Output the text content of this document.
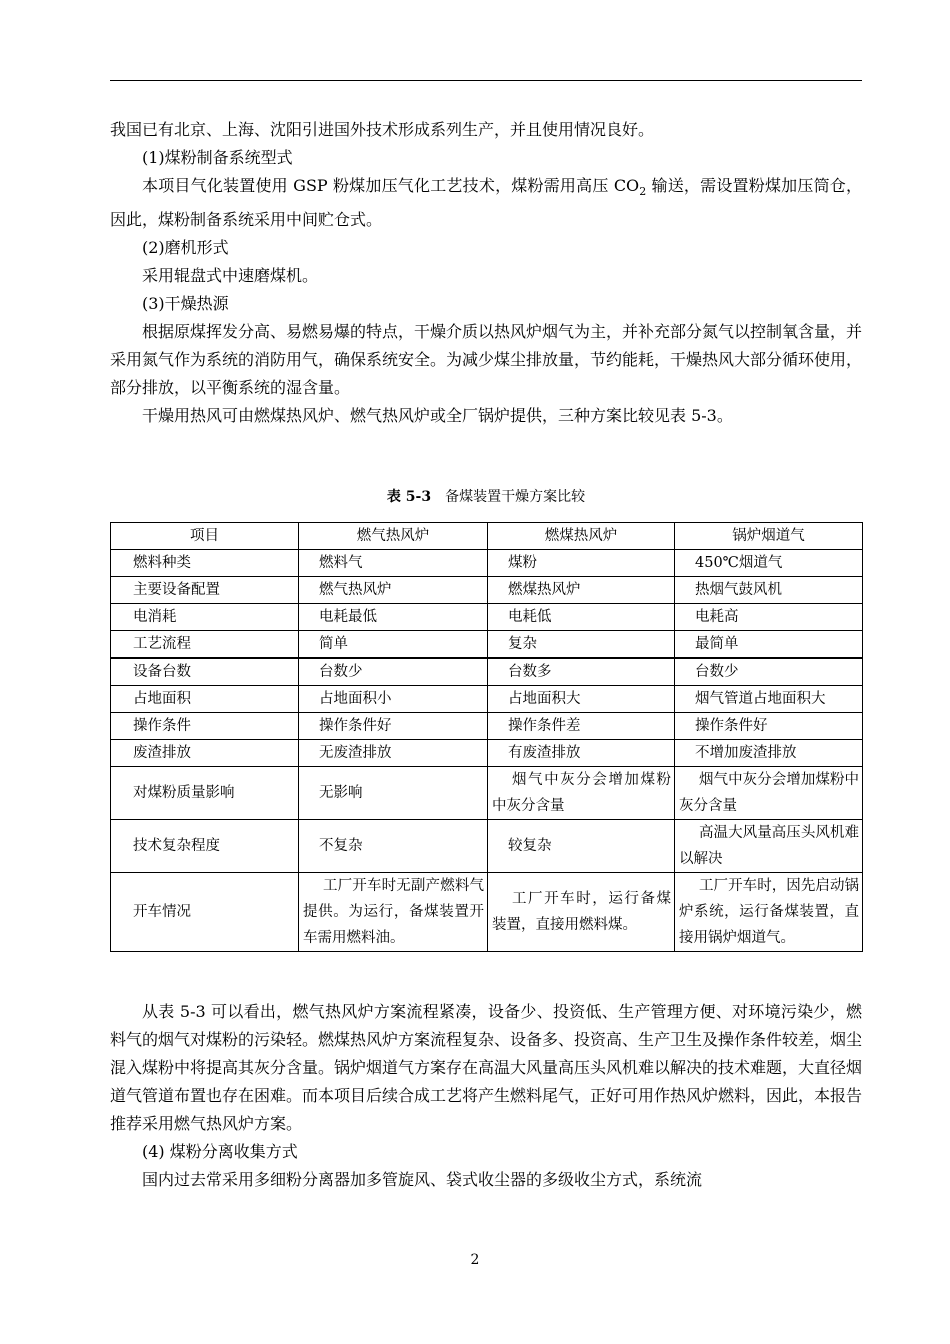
我国已有北京、上海、沈阳引进国外技术形成系列生产，并且使用情况良好。

(1)煤粉制备系统型式

本项目气化装置使用 GSP 粉煤加压气化工艺技术，煤粉需用高压 $CO_2$ 输送，需设置粉煤加压筒仓，因此，煤粉制备系统采用中间贮仓式。

(2)磨机形式

采用辊盘式中速磨煤机。

(3)干燥热源

根据原煤挥发分高、易燃易爆的特点，干燥介质以热风炉烟气为主，并补充部分氮气以控制氧含量，并采用氮气作为系统的消防用气，确保系统安全。为减少煤尘排放量，节约能耗，干燥热风大部分循环使用，部分排放，以平衡系统的湿含量。

干燥用热风可由燃煤热风炉、燃气热风炉或全厂锅炉提供，三种方案比较见表 5-3。

表 5-3 备煤装置干燥方案比较
项目	燃气热风炉	燃煤热风炉	锅炉烟道气
燃料种类	燃料气	煤粉	450℃烟道气
主要设备配置	燃气热风炉	燃煤热风炉	热烟气鼓风机
电消耗	电耗最低	电耗低	电耗高
工艺流程	简单	复杂	最简单
设备台数	台数少	台数多	台数少
占地面积	占地面积小	占地面积大	烟气管道占地面积大
操作条件	操作条件好	操作条件差	操作条件好
废渣排放	无废渣排放	有废渣排放	不增加废渣排放
对煤粉质量影响	无影响	烟气中灰分会增加煤粉中灰分含量	烟气中灰分会增加煤粉中灰分含量
技术复杂程度	不复杂	较复杂	高温大风量高压头风机难以解决
开车情况	工厂开车时无副产燃料气提供。为运行，备煤装置开车需用燃料油。	工厂开车时，运行备煤装置，直接用燃料煤。	工厂开车时，因先启动锅炉系统，运行备煤装置，直接用锅炉烟道气。

从表 5-3 可以看出，燃气热风炉方案流程紧凑，设备少、投资低、生产管理方便、对环境污染少，燃料气的烟气对煤粉的污染轻。燃煤热风炉方案流程复杂、设备多、投资高、生产卫生及操作条件较差，烟尘混入煤粉中将提高其灰分含量。锅炉烟道气方案存在高温大风量高压头风机难以解决的技术难题，大直径烟道气管道布置也存在困难。而本项目后续合成工艺将产生燃料尾气，正好可用作热风炉燃料，因此，本报告推荐采用燃气热风炉方案。

(4) 煤粉分离收集方式

国内过去常采用多细粉分离器加多管旋风、袋式收尘器的多级收尘方式，系统流

2
